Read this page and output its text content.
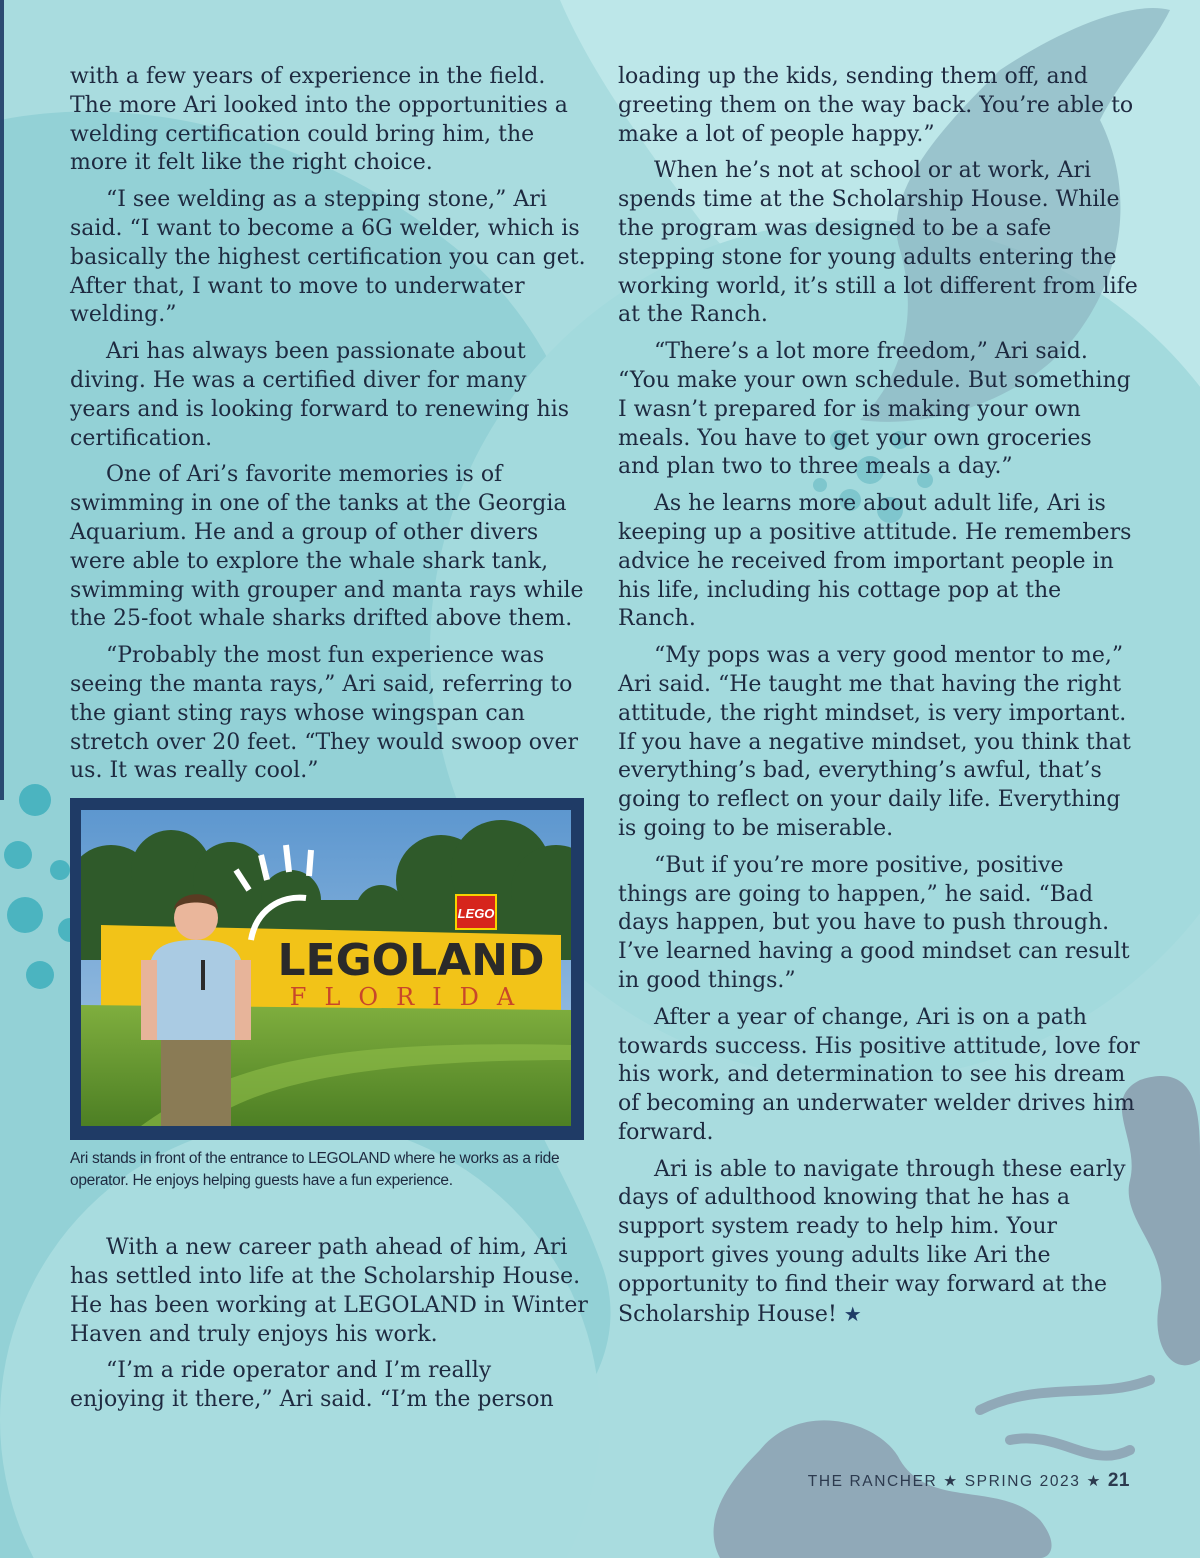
with a few years of experience in the field. The more Ari looked into the opportunities a welding certification could bring him, the more it felt like the right choice.

“I see welding as a stepping stone,” Ari said. “I want to become a 6G welder, which is basically the highest certification you can get. After that, I want to move to underwater welding.”

Ari has always been passionate about diving. He was a certified diver for many years and is looking forward to renewing his certification.

One of Ari’s favorite memories is of swimming in one of the tanks at the Georgia Aquarium. He and a group of other divers were able to explore the whale shark tank, swimming with grouper and manta rays while the 25-foot whale sharks drifted above them.

“Probably the most fun experience was seeing the manta rays,” Ari said, referring to the giant sting rays whose wingspan can stretch over 20 feet. “They would swoop over us. It was really cool.”

LEGO
LEGOLAND
FLORIDA

Ari stands in front of the entrance to LEGOLAND where he works as a ride operator. He enjoys helping guests have a fun experience.

With a new career path ahead of him, Ari has settled into life at the Scholarship House. He has been working at LEGOLAND in Winter Haven and truly enjoys his work.

“I’m a ride operator and I’m really enjoying it there,” Ari said. “I’m the person

loading up the kids, sending them off, and greeting them on the way back. You’re able to make a lot of people happy.”

When he’s not at school or at work, Ari spends time at the Scholarship House. While the program was designed to be a safe stepping stone for young adults entering the working world, it’s still a lot different from life at the Ranch.

“There’s a lot more freedom,” Ari said. “You make your own schedule. But something I wasn’t prepared for is making your own meals. You have to get your own groceries and plan two to three meals a day.”

As he learns more about adult life, Ari is keeping up a positive attitude. He remembers advice he received from important people in his life, including his cottage pop at the Ranch.

“My pops was a very good mentor to me,” Ari said. “He taught me that having the right attitude, the right mindset, is very important. If you have a negative mindset, you think that everything’s bad, everything’s awful, that’s going to reflect on your daily life. Everything is going to be miserable.

“But if you’re more positive, positive things are going to happen,” he said. “Bad days happen, but you have to push through. I’ve learned having a good mindset can result in good things.”

After a year of change, Ari is on a path towards success. His positive attitude, love for his work, and determination to see his dream of becoming an underwater welder drives him forward.

Ari is able to navigate through these early days of adulthood knowing that he has a support system ready to help him. Your support gives young adults like Ari the opportunity to find their way forward at the Scholarship House! ★

THE RANCHER ★ SPRING 2023 ★ 21
